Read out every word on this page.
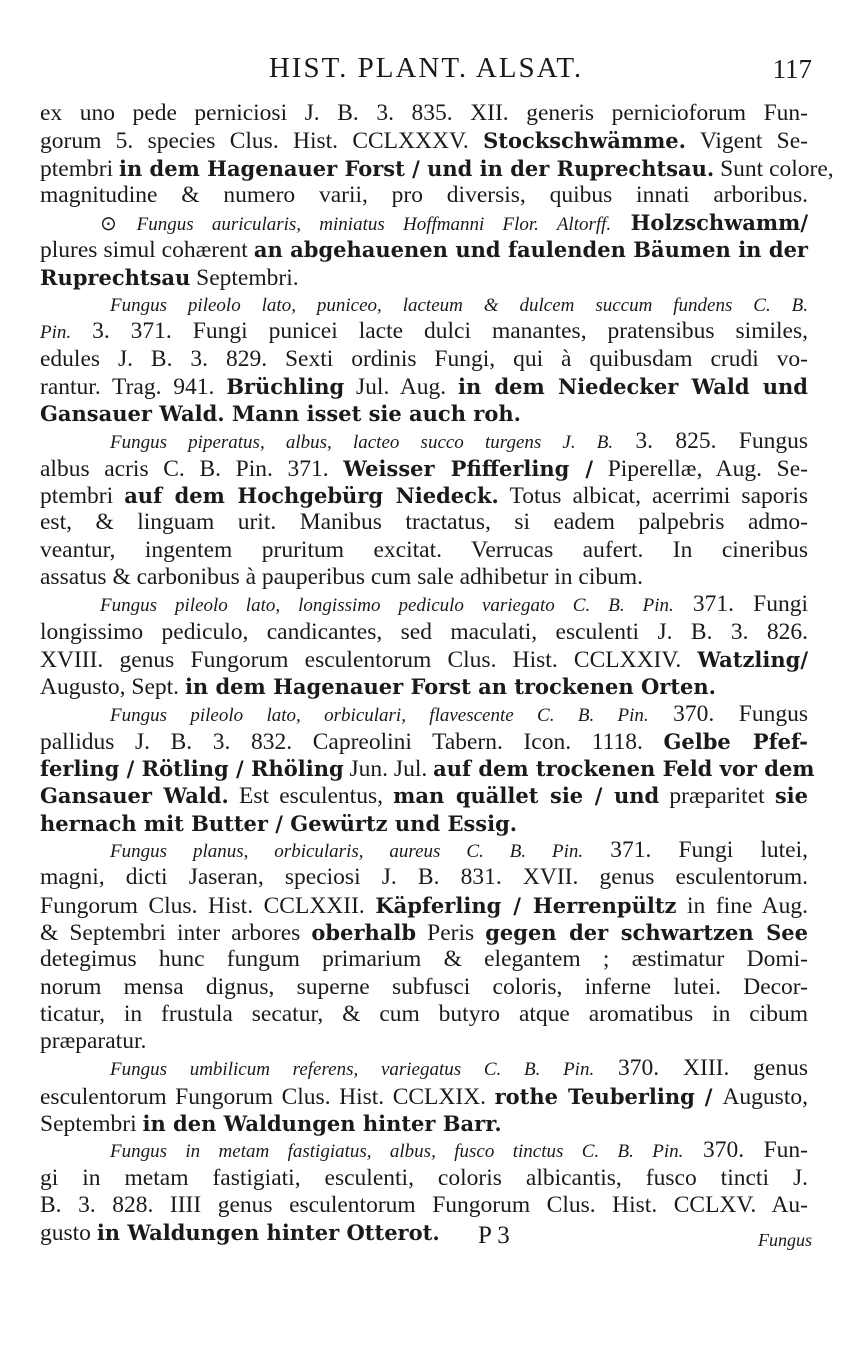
HIST. PLANT. ALSAT.	117
ex uno pede perniciosi J. B. 3. 835. XII. generis pernicioforum Fun-
gorum 5. species Clus. Hist. CCLXXXV. Stockschwämme. Vigent Se-
ptembri in dem Hagenauer Forst / und in der Ruprechtsau. Sunt colore,
magnitudine & numero varii, pro diversis, quibus innati arboribus.
⊙ Fungus auricularis, miniatus Hoffmanni Flor. Altorff. Holzschwamm/
plures simul cohærent an abgehauenen und faulenden Bäumen in der
Ruprechtsau Septembri.
Fungus pileolo lato, puniceo, lacteum & dulcem succum fundens C. B.
Pin. 3. 371. Fungi punicei lacte dulci manantes, pratensibus similes,
edules J. B. 3. 829. Sexti ordinis Fungi, qui à quibusdam crudi vo-
rantur. Trag. 941. Brüchling Jul. Aug. in dem Niedecker Wald und
Gansauer Wald. Mann isset sie auch roh.
Fungus piperatus, albus, lacteo succo turgens J. B. 3. 825. Fungus
albus acris C. B. Pin. 371. Weisser Pfifferling / Piperellæ, Aug. Se-
ptembri auf dem Hochgebürg Niedeck. Totus albicat, acerrimi saporis
est, & linguam urit. Manibus tractatus, si eadem palpebris admo-
veantur, ingentem pruritum excitat. Verrucas aufert. In cineribus
assatus & carbonibus à pauperibus cum sale adhibetur in cibum.
Fungus pileolo lato, longissimo pediculo variegato C. B. Pin. 371. Fungi
longissimo pediculo, candicantes, sed maculati, esculenti J. B. 3. 826.
XVIII. genus Fungorum esculentorum Clus. Hist. CCLXXIV. Watzling/
Augusto, Sept. in dem Hagenauer Forst an trockenen Orten.
Fungus pileolo lato, orbiculari, flavescente C. B. Pin. 370. Fungus
pallidus J. B. 3. 832. Capreolini Tabern. Icon. 1118. Gelbe Pfef-
ferling / Rötling / Rhöling Jun. Jul. auf dem trockenen Feld vor dem
Gansauer Wald. Est esculentus, man quället sie / und præparitet sie
hernach mit Butter / Gewürtz und Essig.
Fungus planus, orbicularis, aureus C. B. Pin. 371. Fungi lutei,
magni, dicti Jaseran, speciosi J. B. 831. XVII. genus esculentorum.
Fungorum Clus. Hist. CCLXXII. Käpferling / Herrenpültz in fine Aug.
& Septembri inter arbores oberhalb Peris gegen der schwartzen See
detegimus hunc fungum primarium & elegantem ; æstimatur Domi-
norum mensa dignus, superne subfusci coloris, inferne lutei. Decor-
ticatur, in frustula secatur, & cum butyro atque aromatibus in cibum
præparatur.
Fungus umbilicum referens, variegatus C. B. Pin. 370. XIII. genus
esculentorum Fungorum Clus. Hist. CCLXIX. rothe Teuberling / Augusto,
Septembri in den Waldungen hinter Barr.
Fungus in metam fastigiatus, albus, fusco tinctus C. B. Pin. 370. Fun-
gi in metam fastigiati, esculenti, coloris albicantis, fusco tincti J.
B. 3. 828. IIII genus esculentorum Fungorum Clus. Hist. CCLXV. Au-
gusto in Waldungen hinter Otterot.	P 3	Fungus
